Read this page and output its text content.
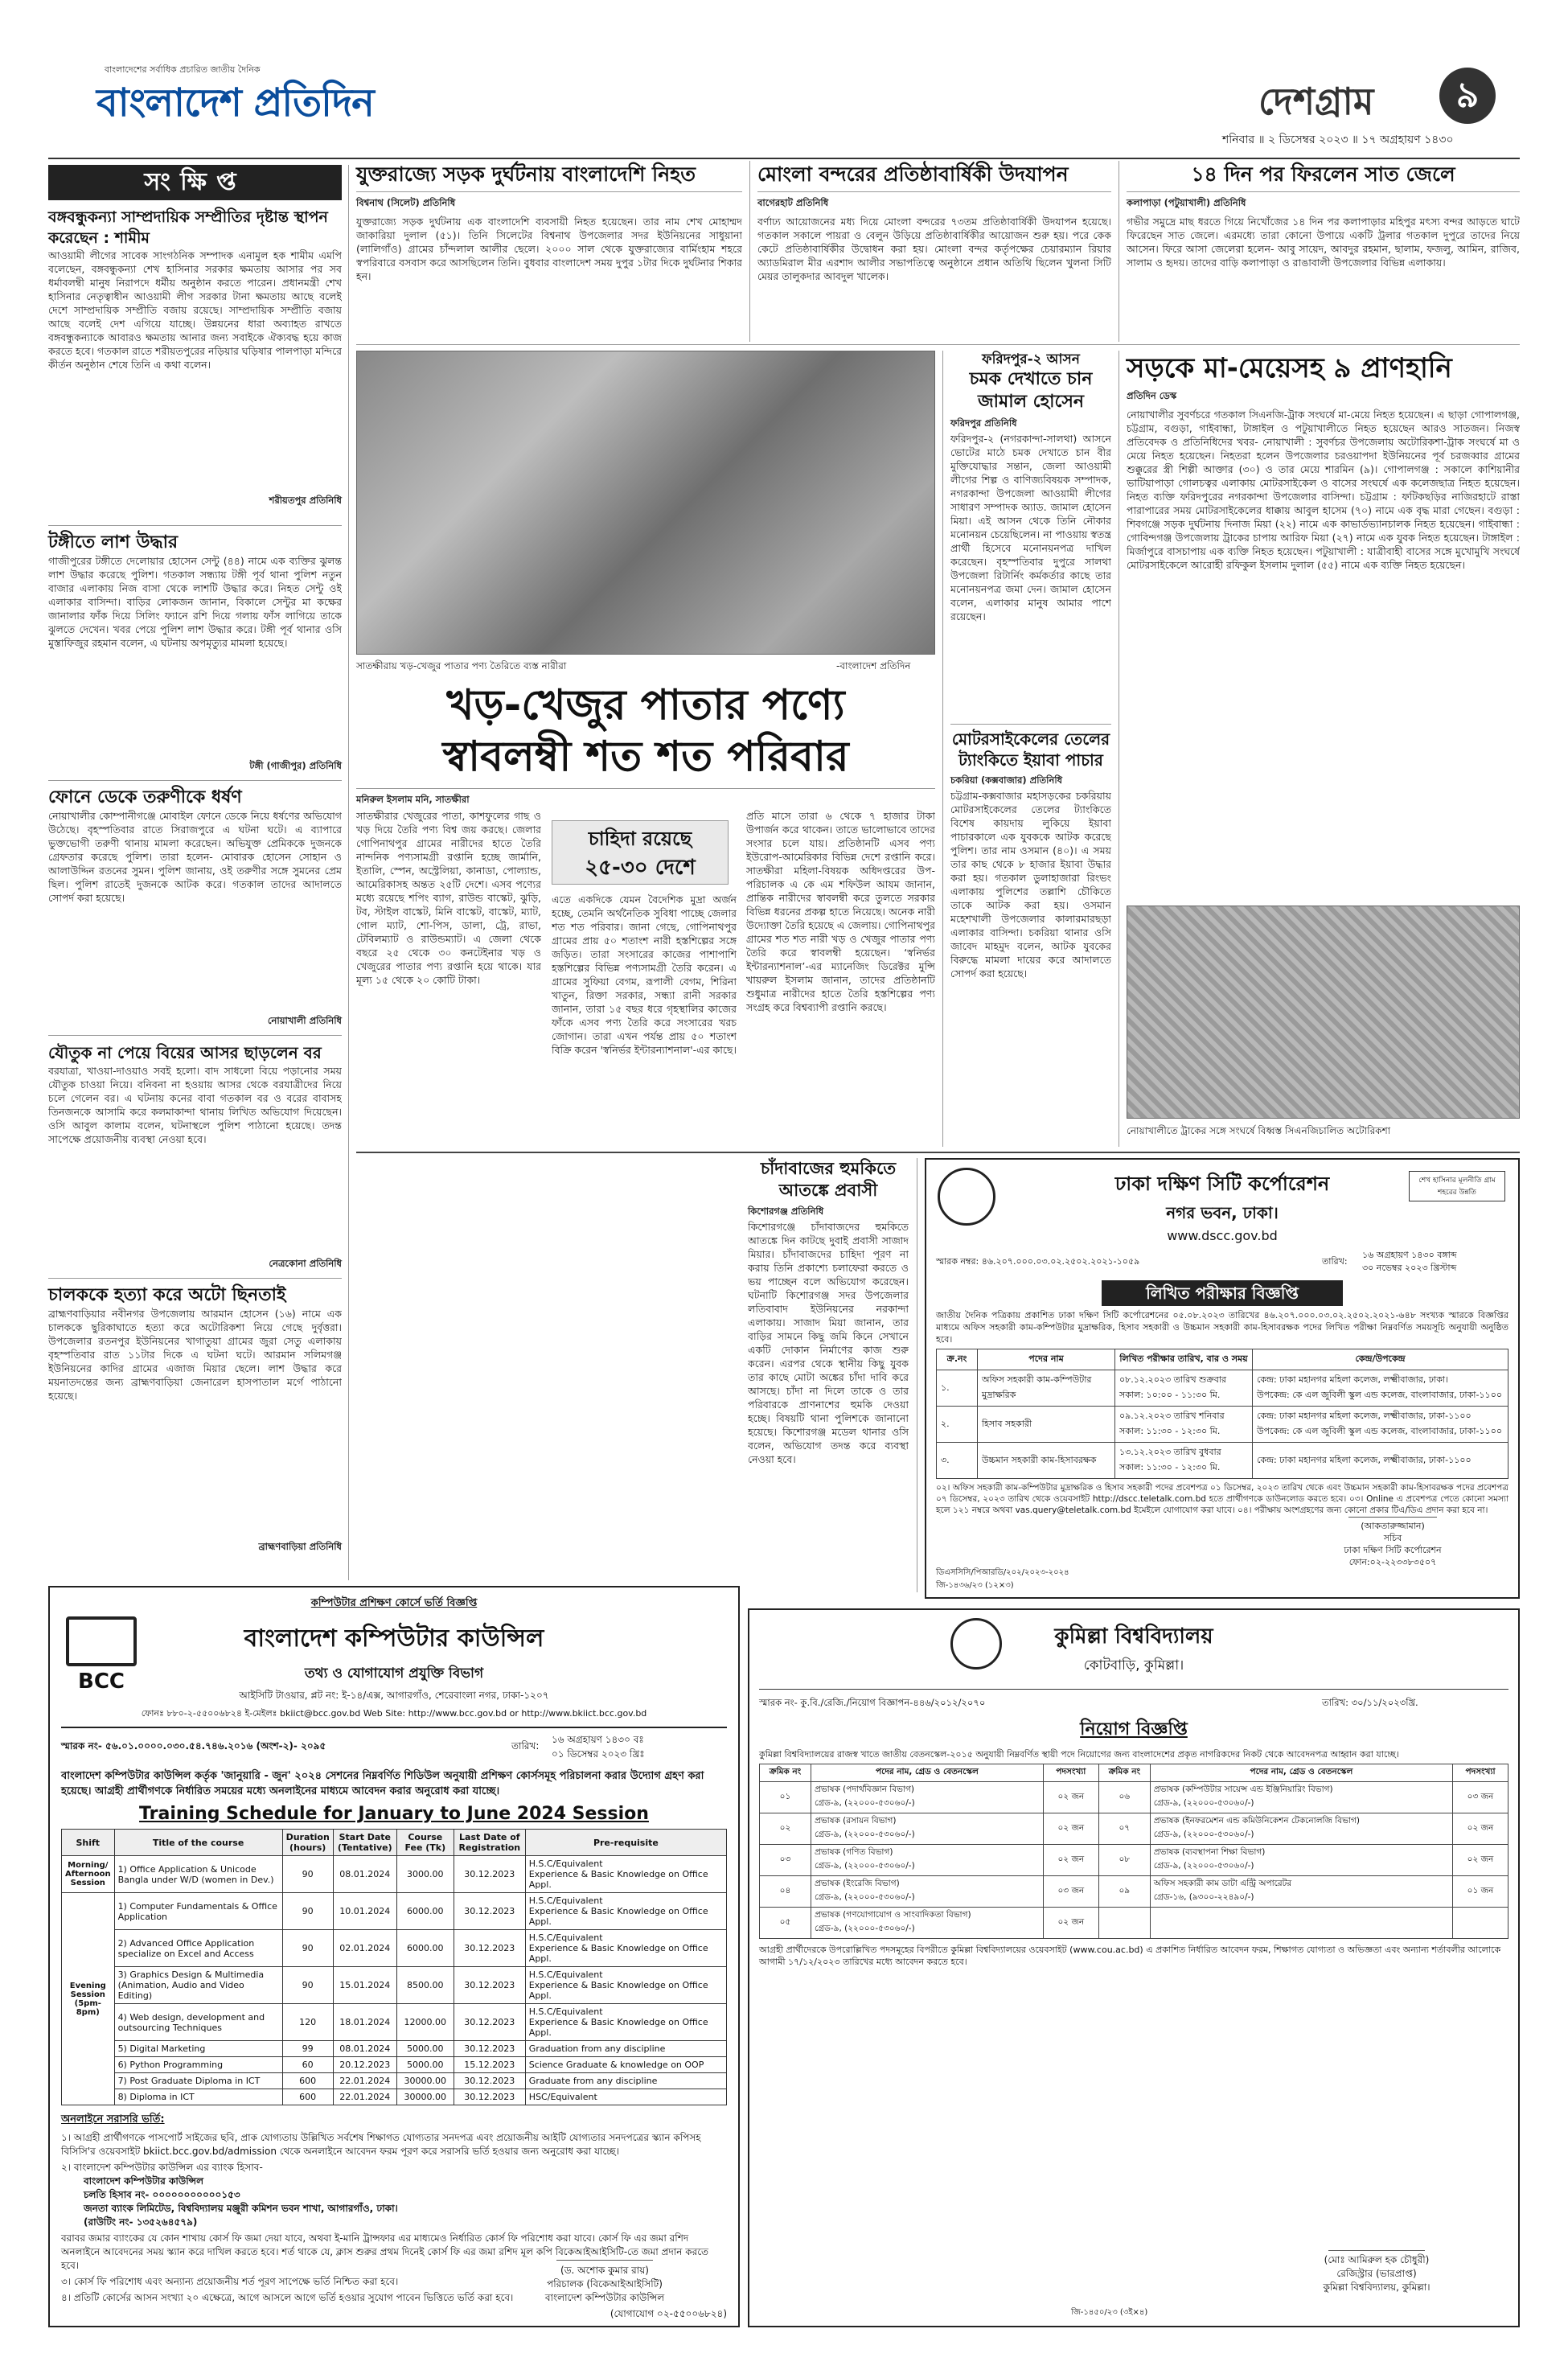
বাংলাদেশের সর্বাধিক প্রচারিত জাতীয় দৈনিক
বাংলাদেশ প্রতিদিন	দেশগ্রাম	৯
শনিবার ॥ ২ ডিসেম্বর ২০২৩ ॥ ১৭ অগ্রহায়ণ ১৪৩০
সংক্ষিপ্ত
বঙ্গবন্ধুকন্যা সাম্প্রদায়িক সম্প্রীতির দৃষ্টান্ত স্থাপন করেছেন : শামীম
আওয়ামী লীগের সাবেক সাংগঠনিক সম্পাদক এনামুল হক শামীম এমপি বলেছেন, বঙ্গবন্ধুকন্যা শেখ হাসিনার সরকার ক্ষমতায় আসার পর সব ধর্মাবলম্বী মানুষ নিরাপদে ধর্মীয় অনুষ্ঠান করতে পারেন। প্রধানমন্ত্রী শেখ হাসিনার নেতৃত্বাধীন আওয়ামী লীগ সরকার টানা ক্ষমতায় আছে বলেই দেশে সাম্প্রদায়িক সম্প্রীতি বজায় রয়েছে। সাম্প্রদায়িক সম্প্রীতি বজায় আছে বলেই দেশ এগিয়ে যাচ্ছে। উন্নয়নের ধারা অব্যাহত রাখতে বঙ্গবন্ধুকন্যাকে আবারও ক্ষমতায় আনার জন্য সবাইকে ঐক্যবদ্ধ হয়ে কাজ করতে হবে। গতকাল রাতে শরীয়তপুরের নড়িয়ার ঘড়িষার পালপাড়া মন্দিরে কীর্তন অনুষ্ঠান শেষে তিনি এ কথা বলেন।
শরীয়তপুর প্রতিনিধি
টঙ্গীতে লাশ উদ্ধার
গাজীপুরের টঙ্গীতে দেলোয়ার হোসেন সেন্টু (৪৪) নামে এক ব্যক্তির ঝুলন্ত লাশ উদ্ধার করেছে পুলিশ। গতকাল সন্ধ্যায় টঙ্গী পূর্ব থানা পুলিশ নতুন বাজার এলাকায় নিজ বাসা থেকে লাশটি উদ্ধার করে। নিহত সেন্টু ওই এলাকার বাসিন্দা। বাড়ির লোকজন জানান, বিকালে সেন্টুর মা কক্ষের জানালার ফাঁক দিয়ে সিলিং ফ্যানে রশি দিয়ে গলায় ফাঁস লাগিয়ে তাকে ঝুলতে দেখেন। খবর পেয়ে পুলিশ লাশ উদ্ধার করে। টঙ্গী পূর্ব থানার ওসি মুস্তাফিজুর রহমান বলেন, এ ঘটনায় অপমৃত্যুর মামলা হয়েছে।
টঙ্গী (গাজীপুর) প্রতিনিধি
ফোনে ডেকে তরুণীকে ধর্ষণ
নোয়াখালীর কোম্পানীগঞ্জে মোবাইল ফোনে ডেকে নিয়ে ধর্ষণের অভিযোগ উঠেছে। বৃহস্পতিবার রাতে সিরাজপুরে এ ঘটনা ঘটে। এ ব্যাপারে ভুক্তভোগী তরুণী থানায় মামলা করেছেন। অভিযুক্ত প্রেমিককে দুজনকে গ্রেফতার করেছে পুলিশ। তারা হলেন- মোবারক হোসেন সোহান ও আলাউদ্দিন রতনের সুমন। পুলিশ জানায়, ওই তরুণীর সঙ্গে সুমনের প্রেম ছিল। পুলিশ রাতেই দুজনকে আটক করে। গতকাল তাদের আদালতে সোপর্দ করা হয়েছে।
নোয়াখালী প্রতিনিধি
যৌতুক না পেয়ে বিয়ের আসর ছাড়লেন বর
বরযাত্রা, খাওয়া-দাওয়াও সবই হলো। বাদ সাধলো বিয়ে পড়ানোর সময় যৌতুক চাওয়া নিয়ে। বনিবনা না হওয়ায় আসর থেকে বরযাত্রীদের নিয়ে চলে গেলেন বর। এ ঘটনায় কনের বাবা গতকাল বর ও বরের বাবাসহ তিনজনকে আসামি করে কলমাকান্দা থানায় লিখিত অভিযোগ দিয়েছেন। ওসি আবুল কালাম বলেন, ঘটনাস্থলে পুলিশ পাঠানো হয়েছে। তদন্ত সাপেক্ষে প্রয়োজনীয় ব্যবস্থা নেওয়া হবে।
নেত্রকোনা প্রতিনিধি
চালককে হত্যা করে অটো ছিনতাই
ব্রাহ্মণবাড়িয়ার নবীনগর উপজেলায় আরমান হোসেন (১৬) নামে এক চালককে ছুরিকাঘাতে হত্যা করে অটোরিকশা নিয়ে গেছে দুর্বৃত্তরা। উপজেলার রতনপুর ইউনিয়নের খাগাতুয়া গ্রামের জুরা সেতু এলাকায় বৃহস্পতিবার রাত ১১টার দিকে এ ঘটনা ঘটে। আরমান সলিমগঞ্জ ইউনিয়নের কাদির গ্রামের এজাজ মিয়ার ছেলে। লাশ উদ্ধার করে ময়নাতদন্তের জন্য ব্রাহ্মণবাড়িয়া জেনারেল হাসপাতাল মর্গে পাঠানো হয়েছে।
ব্রাহ্মণবাড়িয়া প্রতিনিধি
যুক্তরাজ্যে সড়ক দুর্ঘটনায় বাংলাদেশি নিহত
বিশ্বনাথ (সিলেট) প্রতিনিধি
যুক্তরাজ্যে সড়ক দুর্ঘটনায় এক বাংলাদেশি ব্যবসায়ী নিহত হয়েছেন। তার নাম শেখ মোহাম্মদ জাকারিয়া দুলাল (৫১)। তিনি সিলেটের বিশ্বনাথ উপজেলার সদর ইউনিয়নের সাধুয়ানা (লালিগাঁও) গ্রামের চাঁন্দলাল আলীর ছেলে। ২০০০ সাল থেকে যুক্তরাজ্যের বার্মিংহাম শহরে স্বপরিবারে বসবাস করে আসছিলেন তিনি। বুধবার বাংলাদেশ সময় দুপুর ১টার দিকে দুর্ঘটনার শিকার হন।
মোংলা বন্দরের প্রতিষ্ঠাবার্ষিকী উদযাপন
বাগেরহাট প্রতিনিধি
বর্ণাঢ্য আয়োজনের মধ্য দিয়ে মোংলা বন্দরের ৭৩তম প্রতিষ্ঠাবার্ষিকী উদযাপন হয়েছে। গতকাল সকালে পায়রা ও বেলুন উড়িয়ে প্রতিষ্ঠাবার্ষিকীর আয়োজন শুরু হয়। পরে কেক কেটে প্রতিষ্ঠাবার্ষিকীর উদ্বোধন করা হয়। মোংলা বন্দর কর্তৃপক্ষের চেয়ারম্যান রিয়ার অ্যাডমিরাল মীর এরশাদ আলীর সভাপতিত্বে অনুষ্ঠানে প্রধান অতিথি ছিলেন খুলনা সিটি মেয়র তালুকদার আবদুল খালেক।
১৪ দিন পর ফিরলেন সাত জেলে
কলাপাড়া (পটুয়াখালী) প্রতিনিধি
গভীর সমুদ্রে মাছ ধরতে গিয়ে নিখোঁজের ১৪ দিন পর কলাপাড়ার মহিপুর মৎস্য বন্দর আড়তে ঘাটে ফিরেছেন সাত জেলে। এরমধ্যে তারা কোনো উপায়ে একটি ট্রলার গতকাল দুপুরে তাদের নিয়ে আসেন। ফিরে আসা জেলেরা হলেন- আবু সায়েদ, আবদুর রহমান, ছালাম, ফজলু, আমিন, রাজিব, সালাম ও হৃদয়। তাদের বাড়ি কলাপাড়া ও রাঙাবালী উপজেলার বিভিন্ন এলাকায়।
সাতক্ষীরায় খড়-খেজুর পাতার পণ্য তৈরিতে ব্যস্ত নারীরা	-বাংলাদেশ প্রতিদিন
খড়-খেজুর পাতার পণ্যে
স্বাবলম্বী শত শত পরিবার
মনিরুল ইসলাম মনি, সাতক্ষীরা
সাতক্ষীরার খেজুরের পাতা, কাশফুলের গাছ ও খড় দিয়ে তৈরি পণ্য বিশ্ব জয় করছে। জেলার গোপিনাথপুর গ্রামের নারীদের হাতে তৈরি নান্দনিক পণ্যসামগ্রী রপ্তানি হচ্ছে জার্মানি, ইতালি, স্পেন, অস্ট্রেলিয়া, কানাডা, পোল্যান্ড, আমেরিকাসহ অন্তত ২৫টি দেশে। এসব পণ্যের মধ্যে রয়েছে শপিং ব্যাগ, রাউন্ড বাস্কেট, ঝুড়ি, টব, স্টাইল বাস্কেট, মিনি বাস্কেট, বাস্কেট, ম্যাট, গোল ম্যাট, শো-পিস, ডালা, ট্রে, রাভা, টেবিলম্যাট ও রাউন্ডম্যাট। এ জেলা থেকে বছরে ২৫ থেকে ৩০ কনটেইনার খড় ও খেজুরের পাতার পণ্য রপ্তানি হয়ে থাকে। যার মূল্য ১৫ থেকে ২০ কোটি টাকা।
চাহিদা রয়েছে
২৫-৩০ দেশে
এতে একদিকে যেমন বৈদেশিক মুদ্রা অর্জন হচ্ছে, তেমনি অর্থনৈতিক সুবিধা পাচ্ছে জেলার শত শত পরিবার। জানা গেছে, গোপিনাথপুর গ্রামের প্রায় ৫০ শতাংশ নারী হস্তশিল্পের সঙ্গে জড়িত। তারা সংসারের কাজের পাশাপাশি হস্তশিল্পের বিভিন্ন পণ্যসামগ্রী তৈরি করেন। এ গ্রামের সুফিয়া বেগম, রূপালী বেগম, শিরিনা খাতুন, রিক্তা সরকার, সন্ধ্যা রানী সরকার জানান, তারা ১৫ বছর ধরে গৃহস্থালির কাজের ফাঁকে এসব পণ্য তৈরি করে সংসারের খরচ জোগান। তারা এখন পর্যন্ত প্রায় ৫০ শতাংশ বিক্রি করেন 'স্বনির্ভর ইন্টারন্যাশনাল'-এর কাছে।
প্রতি মাসে তারা ৬ থেকে ৭ হাজার টাকা উপার্জন করে থাকেন। তাতে ভালোভাবে তাদের সংসার চলে যায়। প্রতিষ্ঠানটি এসব পণ্য ইউরোপ-আমেরিকার বিভিন্ন দেশে রপ্তানি করে। সাতক্ষীরা মহিলা-বিষয়ক অধিদপ্তরের উপ-পরিচালক এ কে এম শফিউল আযম জানান, প্রান্তিক নারীদের স্বাবলম্বী করে তুলতে সরকার বিভিন্ন ধরনের প্রকল্প হাতে নিয়েছে। অনেক নারী উদ্যোক্তা তৈরি হয়েছে এ জেলায়। গোপিনাথপুর গ্রামের শত শত নারী খড় ও খেজুর পাতার পণ্য তৈরি করে স্বাবলম্বী হয়েছেন। ‘স্বনির্ভর ইন্টারন্যাশনাল’-এর ম্যানেজিং ডিরেক্টর মুন্সি খায়রুল ইসলাম জানান, তাদের প্রতিষ্ঠানটি শুধুমাত্র নারীদের হাতে তৈরি হস্তশিল্পের পণ্য সংগ্রহ করে বিশ্বব্যাপী রপ্তানি করছে।
ফরিদপুর-২ আসন
চমক দেখাতে চান জামাল হোসেন
ফরিদপুর প্রতিনিধি
ফরিদপুর-২ (নগরকান্দা-সালথা) আসনে ভোটের মাঠে চমক দেখাতে চান বীর মুক্তিযোদ্ধার সন্তান, জেলা আওয়ামী লীগের শিল্প ও বাণিজ্যবিষয়ক সম্পাদক, নগরকান্দা উপজেলা আওয়ামী লীগের সাধারণ সম্পাদক অ্যাড. জামাল হোসেন মিয়া। এই আসন থেকে তিনি নৌকার মনোনয়ন চেয়েছিলেন। না পাওয়ায় স্বতন্ত্র প্রার্থী হিসেবে মনোনয়নপত্র দাখিল করেছেন। বৃহস্পতিবার দুপুরে সালথা উপজেলা রিটার্নিং কর্মকর্তার কাছে তার মনোনয়নপত্র জমা দেন। জামাল হোসেন বলেন, এলাকার মানুষ আমার পাশে রয়েছেন।
মোটরসাইকেলের তেলের ট্যাংকিতে ইয়াবা পাচার
চকরিয়া (কক্সবাজার) প্রতিনিধি
চট্টগ্রাম-কক্সবাজার মহাসড়কের চকরিয়ায় মোটরসাইকেলের তেলের ট্যাংকিতে বিশেষ কায়দায় লুকিয়ে ইয়াবা পাচারকালে এক যুবককে আটক করেছে পুলিশ। তার নাম ওসমান (৪০)। এ সময় তার কাছ থেকে ৮ হাজার ইয়াবা উদ্ধার করা হয়। গতকাল ডুলাহাজারা রিংভং এলাকায় পুলিশের তল্লাশি চৌকিতে তাকে আটক করা হয়। ওসমান মহেশখালী উপজেলার কালারমারছড়া এলাকার বাসিন্দা। চকরিয়া থানার ওসি জাবেদ মাহমুদ বলেন, আটক যুবকের বিরুদ্ধে মামলা দায়ের করে আদালতে সোপর্দ করা হয়েছে।
সড়কে মা-মেয়েসহ ৯ প্রাণহানি
প্রতিদিন ডেস্ক
নোয়াখালীর সুবর্ণচরে গতকাল সিএনজি-ট্রাক সংঘর্ষে মা-মেয়ে নিহত হয়েছেন। এ ছাড়া গোপালগঞ্জ, চট্টগ্রাম, বগুড়া, গাইবান্ধা, টাঙ্গাইল ও পটুয়াখালীতে নিহত হয়েছেন আরও সাতজন। নিজস্ব প্রতিবেদক ও প্রতিনিধিদের খবর- নোয়াখালী : সুবর্ণচর উপজেলায় অটোরিকশা-ট্রাক সংঘর্ষে মা ও মেয়ে নিহত হয়েছেন। নিহতরা হলেন উপজেলার চরওয়াপদা ইউনিয়নের পূর্ব চরজব্বার গ্রামের শুক্কুরের স্ত্রী শিল্পী আক্তার (৩০) ও তার মেয়ে শারমিন (৯)। গোপালগঞ্জ : সকালে কাশিয়ানীর ভাটিয়াপাড়া গোলচত্বর এলাকায় মোটরসাইকেল ও বাসের সংঘর্ষে এক কলেজছাত্র নিহত হয়েছেন। নিহত ব্যক্তি ফরিদপুরের নগরকান্দা উপজেলার বাসিন্দা। চট্টগ্রাম : ফটিকছড়ির নাজিরহাটে রাস্তা পারাপারের সময় মোটরসাইকেলের ধাক্কায় আবুল হাসেম (৭০) নামে এক বৃদ্ধ মারা গেছেন। বগুড়া : শিবগঞ্জে সড়ক দুর্ঘটনায় দিনাজ মিয়া (২২) নামে এক কাভার্ডভ্যানচালক নিহত হয়েছেন। গাইবান্ধা : গোবিন্দগঞ্জ উপজেলায় ট্রাকের চাপায় আরিফ মিয়া (২৭) নামে এক যুবক নিহত হয়েছেন। টাঙ্গাইল : মির্জাপুরে বাসচাপায় এক ব্যক্তি নিহত হয়েছেন। পটুয়াখালী : যাত্রীবাহী বাসের সঙ্গে মুখোমুখি সংঘর্ষে মোটরসাইকেলে আরোহী রফিকুল ইসলাম দুলাল (৫৫) নামে এক ব্যক্তি নিহত হয়েছেন।
নোয়াখালীতে ট্রাকের সঙ্গে সংঘর্ষে বিধ্বস্ত সিএনজিচালিত অটোরিকশা
কম্পিউটার প্রশিক্ষণ কোর্সে ভর্তি বিজ্ঞপ্তি
BCC
বাংলাদেশ কম্পিউটার কাউন্সিল
তথ্য ও যোগাযোগ প্রযুক্তি বিভাগ
আইসিটি টাওয়ার, প্লট নং: ই-১৪/এক্স, আগারগাঁও, শেরেবাংলা নগর, ঢাকা-১২০৭
ফোনঃ ৮৮০-২-৫৫০০৬৮২৪ ই-মেইলঃ bkiict@bcc.gov.bd Web Site: http://www.bcc.gov.bd or http://www.bkiict.bcc.gov.bd
স্মারক নং- ৫৬.০১.০০০০.০৩০.৫৪.৭৪৬.২০১৬ (অংশ-২)- ২০৯৫	তারিখ:
১৬ অগ্রহায়ণ ১৪৩০ বঃ
০১ ডিসেম্বর ২০২৩ খ্রিঃ
বাংলাদেশ কম্পিউটার কাউন্সিল কর্তৃক 'জানুয়ারি - জুন' ২০২৪ সেশনের নিম্নবর্ণিত শিডিউল অনুযায়ী প্রশিক্ষণ কোর্সসমূহ পরিচালনা করার উদ্যোগ গ্রহণ করা হয়েছে। আগ্রহী প্রার্থীগণকে নির্ধারিত সময়ের মধ্যে অনলাইনের মাধ্যমে আবেদন করার অনুরোধ করা যাচ্ছে।
Training Schedule for January to June 2024 Session
Shift	Title of the course	Duration (hours)	Start Date (Tentative)	Course Fee (Tk)	Last Date of Registration	Pre-requisite
Morning/ Afternoon Session	1) Office Application & Unicode Bangla under W/D (women in Dev.)	90	08.01.2024	3000.00	30.12.2023	H.S.C/Equivalent
Experience & Basic Knowledge on Office Appl.
Evening Session (5pm-8pm)	1) Computer Fundamentals & Office Application	90	10.01.2024	6000.00	30.12.2023	H.S.C/Equivalent
Experience & Basic Knowledge on Office Appl.
	2) Advanced Office Application specialize on Excel and Access	90	02.01.2024	6000.00	30.12.2023	H.S.C/Equivalent
Experience & Basic Knowledge on Office Appl.
	3) Graphics Design & Multimedia (Animation, Audio and Video Editing)	90	15.01.2024	8500.00	30.12.2023	H.S.C/Equivalent
Experience & Basic Knowledge on Office Appl.
	4) Web design, development and outsourcing Techniques	120	18.01.2024	12000.00	30.12.2023	H.S.C/Equivalent
Experience & Basic Knowledge on Office Appl.
	5) Digital Marketing	99	08.01.2024	5000.00	30.12.2023	Graduation from any discipline
	6) Python Programming	60	20.12.2023	5000.00	15.12.2023	Science Graduate & knowledge on OOP
	7) Post Graduate Diploma in ICT	600	22.01.2024	30000.00	30.12.2023	Graduate from any discipline
	8) Diploma in ICT	600	22.01.2024	30000.00	30.12.2023	HSC/Equivalent
অনলাইনে সরাসরি ভর্তি:
১। আগ্রহী প্রার্থীগণকে পাসপোর্ট সাইজের ছবি, প্রাক যোগ্যতায় উল্লিখিত সর্বশেষ শিক্ষাগত যোগ্যতার সনদপত্র এবং প্রয়োজনীয় আইটি যোগ্যতার সনদপত্রের স্ক্যান কপিসহ বিসিসি'র ওয়েবসাইট bkiict.bcc.gov.bd/admission থেকে অনলাইনে আবেদন ফরম পূরণ করে সরাসরি ভর্তি হওয়ার জন্য অনুরোধ করা যাচ্ছে।
২। বাংলাদেশ কম্পিউটার কাউন্সিল এর ব্যাংক হিসাব-
বাংলাদেশ কম্পিউটার কাউন্সিল
চলতি হিসাব নং- ০০০০০০০০০০০১৫৩
জনতা ব্যাংক লিমিটেড, বিশ্ববিদ্যালয় মঞ্জুরী কমিশন ভবন শাখা, আগারগাঁও, ঢাকা।
(রাউটিং নং- ১৩৫২৬৪৫৭৯)
বরাবর জমার ব্যাংকের যে কোন শাখায় কোর্স ফি জমা দেয়া যাবে, অথবা ই-মানি ট্রান্সফার এর মাধ্যমেও নির্ধারিত কোর্স ফি পরিশোধ করা যাবে। কোর্স ফি এর জমা রশিদ অনলাইনে আবেদনের সময় স্ক্যান করে দাখিল করতে হবে। শর্ত থাকে যে, ক্লাস শুরুর প্রথম দিনেই কোর্স ফি এর জমা রশিদ মূল কপি বিকেআইআইসিটি-তে জমা প্রদান করতে হবে।
৩। কোর্স ফি পরিশোধ এবং অন্যান্য প্রয়োজনীয় শর্ত পূরণ সাপেক্ষে ভর্তি নিশ্চিত করা হবে।
৪। প্রতিটি কোর্সের আসন সংখ্যা ২০ এক্ষেত্রে, আগে আসলে আগে ভর্তি হওয়ার সুযোগ পাবেন ভিত্তিতে ভর্তি করা হবে।
(যোগাযোগ ০২-৫৫০০৬৮২৪)
(ড. অশোক কুমার রায়)
পরিচালক (বিকেআইআইসিটি)
বাংলাদেশ কম্পিউটার কাউন্সিল
চাঁদাবাজের হুমকিতে আতঙ্কে প্রবাসী
কিশোরগঞ্জ প্রতিনিধি
কিশোরগঞ্জে চাঁদাবাজদের হুমকিতে আতঙ্কে দিন কাটছে দুবাই প্রবাসী সাজাদ মিয়ার। চাঁদাবাজদের চাহিদা পূরণ না করায় তিনি প্রকাশ্যে চলাফেরা করতে ও ভয় পাচ্ছেন বলে অভিযোগ করেছেন। ঘটনাটি কিশোরগঞ্জ সদর উপজেলার লতিবাবাদ ইউনিয়নের নরকান্দা এলাকায়। সাজাদ মিয়া জানান, তার বাড়ির সামনে কিছু জমি কিনে সেখানে একটি দোকান নির্মাণের কাজ শুরু করেন। এরপর থেকে স্থানীয় কিছু যুবক তার কাছে মোটা অঙ্কের চাঁদা দাবি করে আসছে। চাঁদা না দিলে তাকে ও তার পরিবারকে প্রাণনাশের হুমকি দেওয়া হচ্ছে। বিষয়টি থানা পুলিশকে জানানো হয়েছে। কিশোরগঞ্জ মডেল থানার ওসি বলেন, অভিযোগ তদন্ত করে ব্যবস্থা নেওয়া হবে।
শেখ হাসিনার মূলনীতি গ্রাম শহরের উন্নতি
ঢাকা দক্ষিণ সিটি কর্পোরেশন
নগর ভবন, ঢাকা।
www.dscc.gov.bd
স্মারক নম্বর: ৪৬.২০৭.০০০.০৩.০২.২৫০২.২০২১-১০৫৯	তারিখ:
১৬ অগ্রহায়ণ ১৪৩০ বঙ্গাব্দ
৩০ নভেম্বর ২০২৩ খ্রিস্টাব্দ
লিখিত পরীক্ষার বিজ্ঞপ্তি
জাতীয় দৈনিক পত্রিকায় প্রকাশিত ঢাকা দক্ষিণ সিটি কর্পোরেশনের ০৫.০৮.২০২৩ তারিখের ৪৬.২০৭.০০০.০৩.০২.২৫০২.২০২১-৬৪৮ সংখ্যক স্মারকে বিজ্ঞপ্তির মাধ্যমে অফিস সহকারী কাম-কম্পিউটার মুদ্রাক্ষরিক, হিসাব সহকারী ও উচ্চমান সহকারী কাম-হিসাবরক্ষক পদের লিখিত পরীক্ষা নিম্নবর্ণিত সময়সূচি অনুযায়ী অনুষ্ঠিত হবে।
ক্র.নং	পদের নাম	লিখিত পরীক্ষার তারিখ, বার ও সময়	কেন্দ্র/উপকেন্দ্র
১.	অফিস সহকারী কাম-কম্পিউটার মুদ্রাক্ষরিক	০৮.১২.২০২৩ তারিখ শুক্রবার সকাল: ১০:০০ - ১১:৩০ মি.	কেন্দ্র: ঢাকা মহানগর মহিলা কলেজ, লক্ষ্মীবাজার, ঢাকা।
উপকেন্দ্র: কে এল জুবিলী স্কুল এন্ড কলেজ, বাংলাবাজার, ঢাকা-১১০০
২.	হিসাব সহকারী	০৯.১২.২০২৩ তারিখ শনিবার সকাল: ১১:৩০ - ১২:৩০ মি.	কেন্দ্র: ঢাকা মহানগর মহিলা কলেজ, লক্ষ্মীবাজার, ঢাকা-১১০০
উপকেন্দ্র: কে এল জুবিলী স্কুল এন্ড কলেজ, বাংলাবাজার, ঢাকা-১১০০
৩.	উচ্চমান সহকারী কাম-হিসাবরক্ষক	১৩.১২.২০২৩ তারিখ বুধবার সকাল: ১১:৩০ - ১২:৩০ মি.	কেন্দ্র: ঢাকা মহানগর মহিলা কলেজ, লক্ষ্মীবাজার, ঢাকা-১১০০
০২। অফিস সহকারী কাম-কম্পিউটার মুদ্রাক্ষরিক ও হিসাব সহকারী পদের প্রবেশপত্র ০১ ডিসেম্বর, ২০২৩ তারিখ থেকে এবং উচ্চমান সহকারী কাম-হিসাবরক্ষক পদের প্রবেশপত্র ০৭ ডিসেম্বর, ২০২৩ তারিখ থেকে ওয়েবসাইট http://dscc.teletalk.com.bd হতে প্রার্থীগণকে ডাউনলোড করতে হবে। ০৩। Online এ প্রবেশপত্র পেতে কোনো সমস্যা হলে ১২১ নম্বরে অথবা vas.query@teletalk.com.bd ইমেইলে যোগাযোগ করা যাবে। ০৪। পরীক্ষায় অংশগ্রহণের জন্য কোনো প্রকার টিএ/ডিএ প্রদান করা হবে না।
(আকতারুজ্জামান)
সচিব
ঢাকা দক্ষিণ সিটি কর্পোরেশন
ফোন:০২-২২৩৩৮৩৫০৭
ডিএসসিসি/পিআরডি/২০২/২০২৩-২০২৪
জি-১৪৩৬/২৩ (১২×৩)
কুমিল্লা বিশ্ববিদ্যালয়
কোটবাড়ি, কুমিল্লা।
স্মারক নং- কু.বি./রেজি./নিয়োগ বিজ্ঞাপন-৪৪৬/২০১২/২০৭০	তারিখ: ৩০/১১/২০২৩খ্রি.
নিয়োগ বিজ্ঞপ্তি
কুমিল্লা বিশ্ববিদ্যালয়ের রাজস্ব খাতে জাতীয় বেতনস্কেল-২০১৫ অনুযায়ী নিম্নবর্ণিত স্থায়ী পদে নিয়োগের জন্য বাংলাদেশের প্রকৃত নাগরিকদের নিকট থেকে আবেদনপত্র আহ্বান করা যাচ্ছে।
ক্রমিক নং	পদের নাম, গ্রেড ও বেতনস্কেল	পদসংখ্যা	ক্রমিক নং	পদের নাম, গ্রেড ও বেতনস্কেল	পদসংখ্যা
০১	প্রভাষক (পদার্থবিজ্ঞান বিভাগ)
গ্রেড-৯, (২২০০০-৫৩০৬০/-)	০২ জন	০৬	প্রভাষক (কম্পিউটার সায়েন্স এন্ড ইঞ্জিনিয়ারিং বিভাগ)
গ্রেড-৯, (২২০০০-৫৩০৬০/-)	০৩ জন
০২	প্রভাষক (রসায়ন বিভাগ)
গ্রেড-৯, (২২০০০-৫৩০৬০/-)	০২ জন	০৭	প্রভাষক (ইনফরমেশন এন্ড কমিউনিকেশন টেকনোলজি বিভাগ)
গ্রেড-৯, (২২০০০-৫৩০৬০/-)	০২ জন
০৩	প্রভাষক (গণিত বিভাগ)
গ্রেড-৯, (২২০০০-৫৩০৬০/-)	০২ জন	০৮	প্রভাষক (ব্যবস্থাপনা শিক্ষা বিভাগ)
গ্রেড-৯, (২২০০০-৫৩০৬০/-)	০২ জন
০৪	প্রভাষক (ইংরেজি বিভাগ)
গ্রেড-৯, (২২০০০-৫৩০৬০/-)	০৩ জন	০৯	অফিস সহকারী কাম ডাটা এন্ট্রি অপারেটর
গ্রেড-১৬, (৯৩০০-২২৪৯০/-)	০১ জন
০৫	প্রভাষক (গণযোগাযোগ ও সাংবাদিকতা বিভাগ)
গ্রেড-৯, (২২০০০-৫৩০৬০/-)	০২ জন			
আগ্রহী প্রার্থীদেরকে উপরোল্লিখিত পদসমূহের বিপরীতে কুমিল্লা বিশ্ববিদ্যালয়ের ওয়েবসাইট (www.cou.ac.bd) এ প্রকাশিত নির্ধারিত আবেদন ফরম, শিক্ষাগত যোগ্যতা ও অভিজ্ঞতা এবং অন্যান্য শর্তাবলীর আলোকে আগামী ১৭/১২/২০২৩ তারিখের মধ্যে আবেদন করতে হবে।
(মোঃ আমিরুল হক চৌধুরী)
রেজিস্ট্রার (ভারপ্রাপ্ত)
কুমিল্লা বিশ্ববিদ্যালয়, কুমিল্লা।
জি-১৪৫০/২৩ (৩ই×৪)
